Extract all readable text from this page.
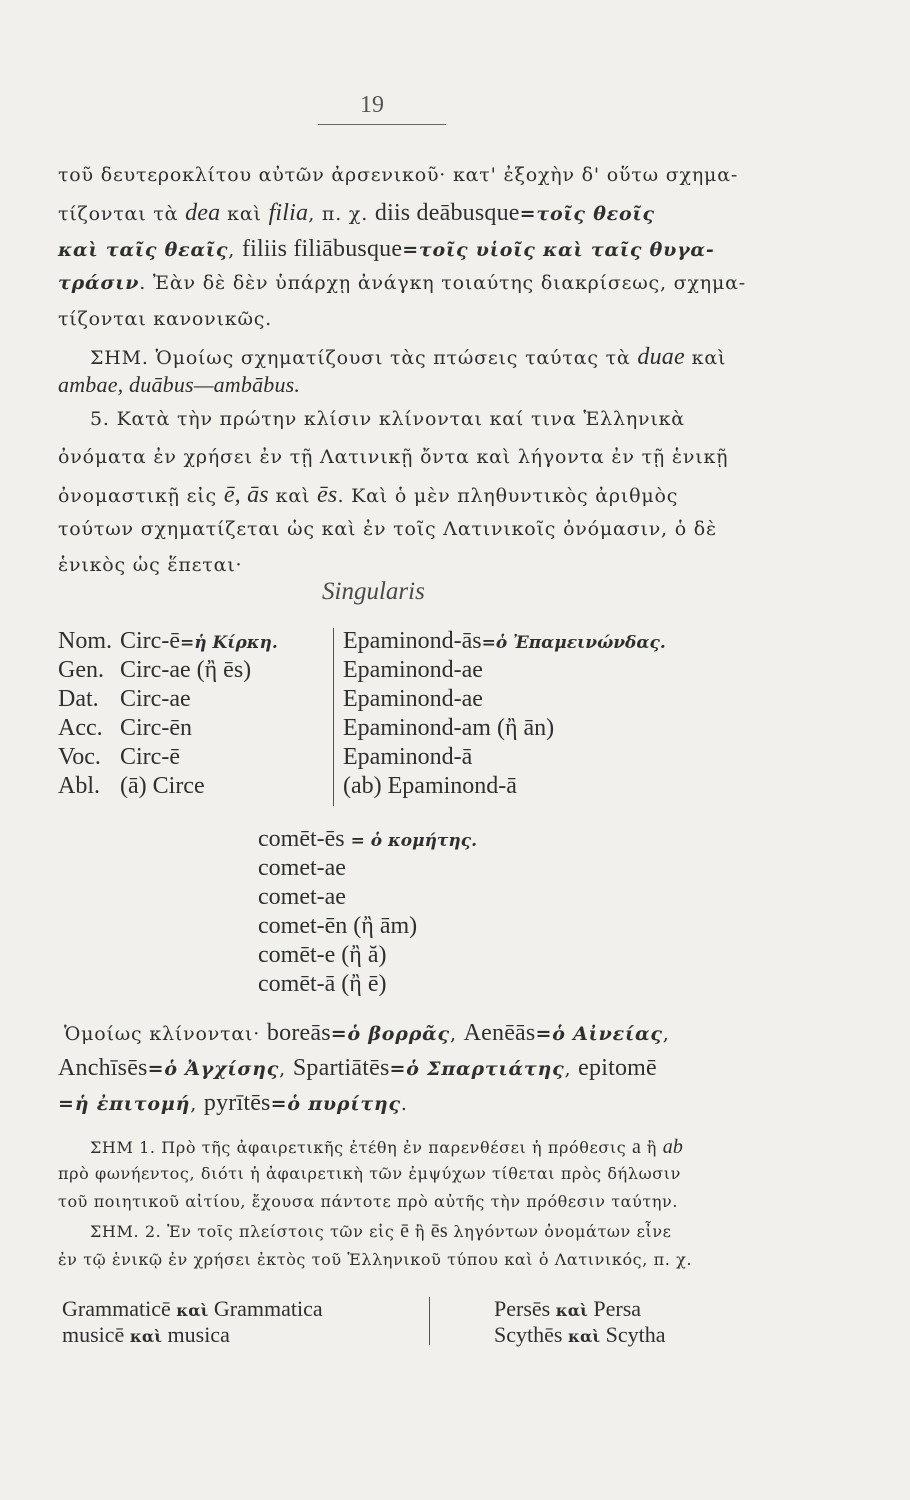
19
τοῦ δευτεροκλίτου αὐτῶν ἀρσενικοῦ· κατ' ἐξοχὴν δ' οὕτω σχημα-
τίζονται τὰ dea καὶ filia, π. χ. diis deābusque=τοῖς θεοῖς
καὶ ταῖς θεαῖς, filiis filiābusque=τοῖς υἱοῖς καὶ ταῖς θυγα-
τράσιν. Ἐὰν δὲ δὲν ὑπάρχῃ ἀνάγκη τοιαύτης διακρίσεως, σχημα-
τίζονται κανονικῶς.
ΣΗΜ. Ὁμοίως σχηματίζουσι τὰς πτώσεις ταύτας τὰ duae καὶ
ambae, duābus—ambābus.
5. Κατὰ τὴν πρώτην κλίσιν κλίνονται καί τινα Ἑλληνικὰ
ὀνόματα ἐν χρήσει ἐν τῇ Λατινικῇ ὄντα καὶ λήγοντα ἐν τῇ ἑνικῇ
ὀνομαστικῇ εἰς ē, ās καὶ ēs. Καὶ ὁ μὲν πληθυντικὸς ἀριθμὸς
τούτων σχηματίζεται ὡς καὶ ἐν τοῖς Λατινικοῖς ὀνόμασιν, ὁ δὲ
ἑνικὸς ὡς ἕπεται·
Singularis
Nom.
Gen.
Dat.
Acc.
Voc.
Abl.
Circ-ē=ἡ Κίρκη.
Circ-ae (ἢ ēs)
Circ-ae
Circ-ēn
Circ-ē
(ā) Circe
Epaminond-ās=ὁ Ἐπαμεινώνδας.
Epaminond-ae
Epaminond-ae
Epaminond-am (ἢ ān)
Epaminond-ā
(ab) Epaminond-ā
comēt-ēs = ὁ κομήτης.
comet-ae
comet-ae
comet-ēn (ἢ ām)
comēt-e (ἢ ă)
comēt-ā (ἢ ē)
Ὁμοίως κλίνονται· boreās=ὁ βορρᾶς, Aenēās=ὁ Αἰνείας,
Anchīsēs=ὁ Ἀγχίσης, Spartiātēs=ὁ Σπαρτιάτης, epitomē
=ἡ ἐπιτομή, pyrītēs=ὁ πυρίτης.
ΣΗΜ 1. Πρὸ τῆς ἀφαιρετικῆς ἐτέθη ἐν παρενθέσει ἡ πρόθεσις a ἢ ab
πρὸ φωνήεντος, διότι ἡ ἀφαιρετικὴ τῶν ἐμψύχων τίθεται πρὸς δήλωσιν
τοῦ ποιητικοῦ αἰτίου, ἔχουσα πάντοτε πρὸ αὐτῆς τὴν πρόθεσιν ταύτην.
ΣΗΜ. 2. Ἐν τοῖς πλείστοις τῶν εἰς ē ἢ ēs ληγόντων ὀνομάτων εἶνε
ἐν τῷ ἑνικῷ ἐν χρήσει ἐκτὸς τοῦ Ἑλληνικοῦ τύπου καὶ ὁ Λατινικός, π. χ.
Grammaticē καὶ Grammatica
musicē καὶ musica
Persēs καὶ Persa
Scythēs καὶ Scytha
